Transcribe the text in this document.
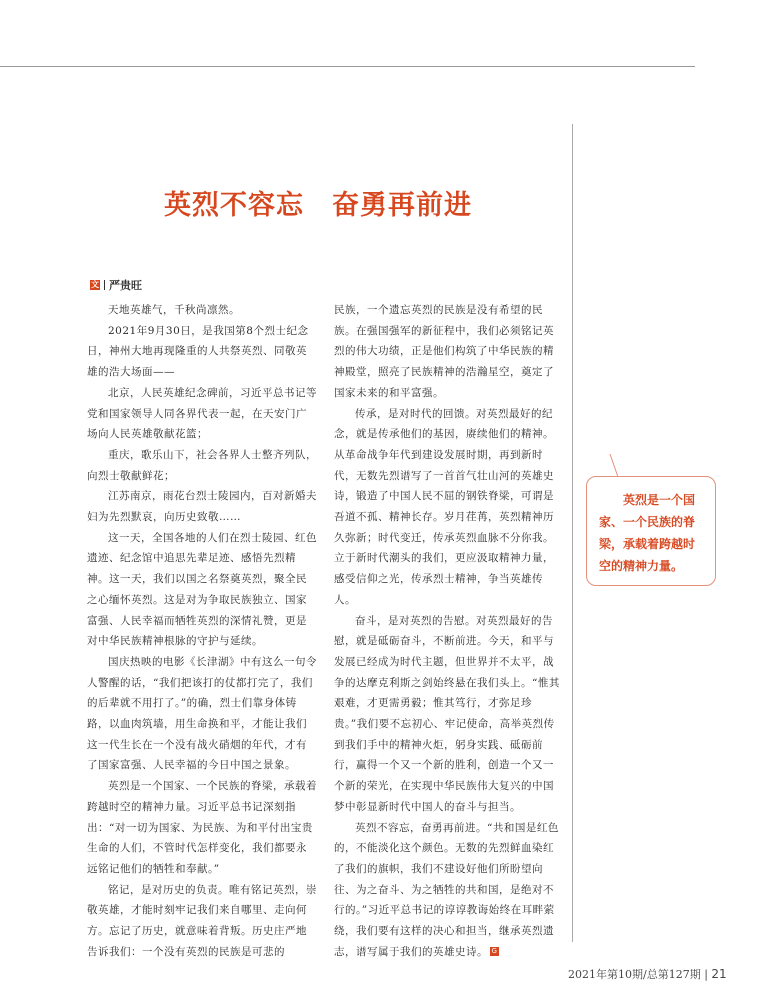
英烈不容忘　奋勇再前进
文 严贵旺

天地英雄气，千秋尚凛然。

2021年9月30日，是我国第8个烈士纪念日，神州大地再现隆重的人共祭英烈、同敬英雄的浩大场面——

北京，人民英雄纪念碑前，习近平总书记等党和国家领导人同各界代表一起，在天安门广场向人民英雄敬献花篮；

重庆，歌乐山下，社会各界人士整齐列队，向烈士敬献鲜花；

江苏南京，雨花台烈士陵园内，百对新婚夫妇为先烈默哀，向历史致敬……

这一天，全国各地的人们在烈士陵园、红色遗迹、纪念馆中追思先辈足迹、感悟先烈精神。这一天，我们以国之名祭奠英烈，聚全民之心缅怀英烈。这是对为争取民族独立、国家富强、人民幸福而牺牲英烈的深情礼赞，更是对中华民族精神根脉的守护与延续。

国庆热映的电影《长津湖》中有这么一句令人警醒的话，“我们把该打的仗都打完了，我们的后辈就不用打了。”的确，烈士们靠身体铸路，以血肉筑墙，用生命换和平，才能让我们这一代生长在一个没有战火硝烟的年代，才有了国家富强、人民幸福的今日中国之景象。

英烈是一个国家、一个民族的脊梁，承载着跨越时空的精神力量。习近平总书记深刻指出：“对一切为国家、为民族、为和平付出宝贵生命的人们，不管时代怎样变化，我们都要永远铭记他们的牺牲和奉献。”

铭记，是对历史的负责。唯有铭记英烈，崇敬英雄，才能时刻牢记我们来自哪里、走向何方。忘记了历史，就意味着背叛。历史庄严地告诉我们：一个没有英烈的民族是可悲的

民族，一个遗忘英烈的民族是没有希望的民族。在强国强军的新征程中，我们必须铭记英烈的伟大功绩，正是他们构筑了中华民族的精神殿堂，照亮了民族精神的浩瀚星空，奠定了国家未来的和平富强。

传承，是对时代的回馈。对英烈最好的纪念，就是传承他们的基因，赓续他们的精神。从革命战争年代到建设发展时期，再到新时代，无数先烈谱写了一首首气壮山河的英雄史诗，锻造了中国人民不屈的钢铁脊梁，可谓是吾道不孤、精神长存。岁月荏苒，英烈精神历久弥新；时代变迁，传承英烈血脉不分你我。立于新时代潮头的我们，更应汲取精神力量，感受信仰之光，传承烈士精神，争当英雄传人。

奋斗，是对英烈的告慰。对英烈最好的告慰，就是砥砺奋斗，不断前进。今天，和平与发展已经成为时代主题，但世界并不太平，战争的达摩克利斯之剑始终悬在我们头上。“惟其艰难，才更需勇毅；惟其笃行，才弥足珍贵。”我们要不忘初心、牢记使命，高举英烈传到我们手中的精神火炬，躬身实践、砥砺前行，赢得一个又一个新的胜利，创造一个又一个新的荣光，在实现中华民族伟大复兴的中国梦中彰显新时代中国人的奋斗与担当。

英烈不容忘，奋勇再前进。“共和国是红色的，不能淡化这个颜色。无数的先烈鲜血染红了我们的旗帜，我们不建设好他们所盼望向往、为之奋斗、为之牺牲的共和国，是绝对不行的。”习近平总书记的谆谆教诲始终在耳畔萦绕，我们要有这样的决心和担当，继承英烈遗志，谱写属于我们的英雄史诗。 G

英烈是一个国家、一个民族的脊梁，承载着跨越时空的精神力量。

2021年第10期/总第127期 | 21
